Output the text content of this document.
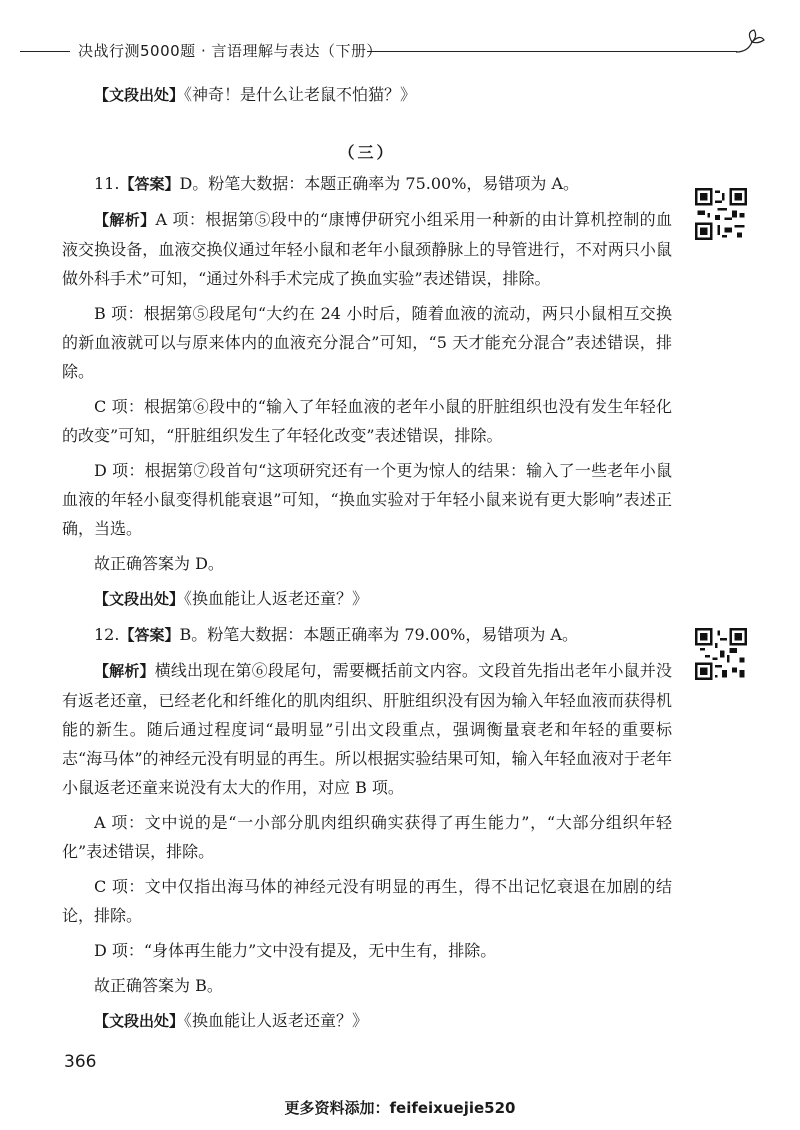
决战行测5000题 · 言语理解与表达（下册）

【文段出处】《神奇！是什么让老鼠不怕猫？》

（三）

11.【答案】D。粉笔大数据：本题正确率为 75.00%，易错项为 A。

【解析】A 项：根据第⑤段中的“康博伊研究小组采用一种新的由计算机控制的血液交换设备，血液交换仪通过年轻小鼠和老年小鼠颈静脉上的导管进行，不对两只小鼠做外科手术”可知，“通过外科手术完成了换血实验”表述错误，排除。

B 项：根据第⑤段尾句“大约在 24 小时后，随着血液的流动，两只小鼠相互交换的新血液就可以与原来体内的血液充分混合”可知，“5 天才能充分混合”表述错误，排除。

C 项：根据第⑥段中的“输入了年轻血液的老年小鼠的肝脏组织也没有发生年轻化的改变”可知，“肝脏组织发生了年轻化改变”表述错误，排除。

D 项：根据第⑦段首句“这项研究还有一个更为惊人的结果：输入了一些老年小鼠血液的年轻小鼠变得机能衰退”可知，“换血实验对于年轻小鼠来说有更大影响”表述正确，当选。

故正确答案为 D。

【文段出处】《换血能让人返老还童？》

12.【答案】B。粉笔大数据：本题正确率为 79.00%，易错项为 A。

【解析】横线出现在第⑥段尾句，需要概括前文内容。文段首先指出老年小鼠并没有返老还童，已经老化和纤维化的肌肉组织、肝脏组织没有因为输入年轻血液而获得机能的新生。随后通过程度词“最明显”引出文段重点，强调衡量衰老和年轻的重要标志“海马体”的神经元没有明显的再生。所以根据实验结果可知，输入年轻血液对于老年小鼠返老还童来说没有太大的作用，对应 B 项。

A 项：文中说的是“一小部分肌肉组织确实获得了再生能力”，“大部分组织年轻化”表述错误，排除。

C 项：文中仅指出海马体的神经元没有明显的再生，得不出记忆衰退在加剧的结论，排除。

D 项：“身体再生能力”文中没有提及，无中生有，排除。

故正确答案为 B。

【文段出处】《换血能让人返老还童？》

366
更多资料添加：feifeixuejie520
